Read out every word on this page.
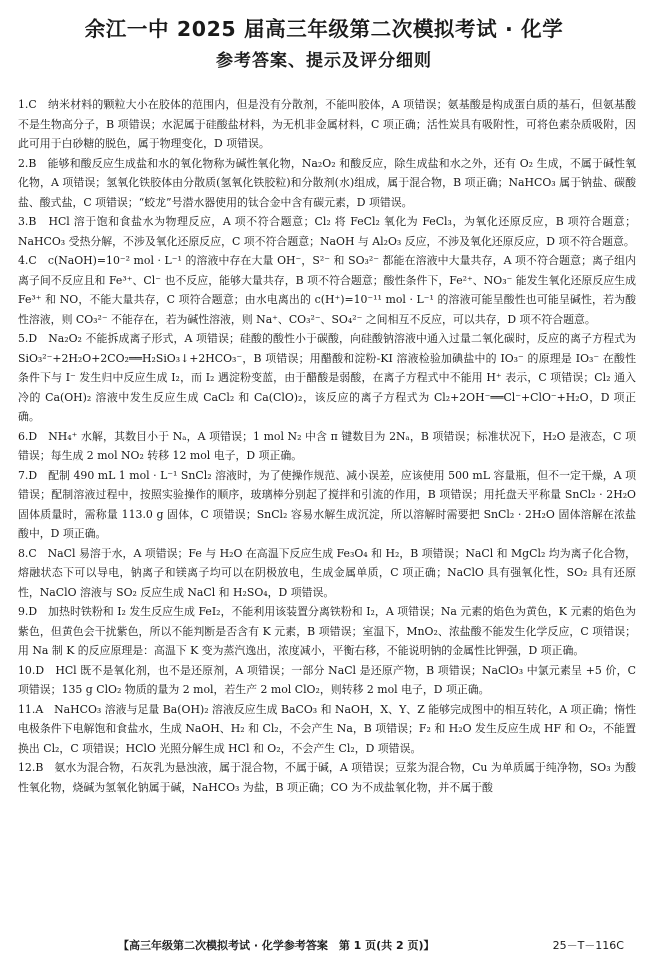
余江一中 2025 届高三年级第二次模拟考试 · 化学
参考答案、提示及评分细则
1.C　纳米材料的颗粒大小在胶体的范围内，但是没有分散剂，不能叫胶体，A 项错误；氨基酸是构成蛋白质的基石，但氨基酸不是生物高分子，B 项错误；水泥属于硅酸盐材料，为无机非金属材料，C 项正确；活性炭具有吸附性，可将色素杂质吸附，因此可用于白砂糖的脱色，属于物理变化，D 项错误。
2.B　能够和酸反应生成盐和水的氧化物称为碱性氧化物，Na₂O₂ 和酸反应，除生成盐和水之外，还有 O₂ 生成，不属于碱性氧化物，A 项错误；氢氧化铁胶体由分散质(氢氧化铁胶粒)和分散剂(水)组成，属于混合物，B 项正确；NaHCO₃ 属于钠盐、碳酸盐、酸式盐，C 项错误；“蛟龙”号潜水器使用的钛合金中含有碳元素，D 项错误。
3.B　HCl 溶于饱和食盐水为物理反应，A 项不符合题意；Cl₂ 将 FeCl₂ 氧化为 FeCl₃，为氧化还原反应，B 项符合题意；NaHCO₃ 受热分解，不涉及氧化还原反应，C 项不符合题意；NaOH 与 Al₂O₃ 反应，不涉及氧化还原反应，D 项不符合题意。
4.C　c(NaOH)=10⁻² mol · L⁻¹ 的溶液中存在大量 OH⁻，S²⁻ 和 SO₃²⁻ 都能在溶液中大量共存，A 项不符合题意；离子组内离子间不反应且和 Fe³⁺、Cl⁻ 也不反应，能够大量共存，B 项不符合题意；酸性条件下，Fe²⁺、NO₃⁻ 能发生氧化还原反应生成 Fe³⁺ 和 NO，不能大量共存，C 项符合题意；由水电离出的 c(H⁺)=10⁻¹¹ mol · L⁻¹ 的溶液可能呈酸性也可能呈碱性，若为酸性溶液，则 CO₃²⁻ 不能存在，若为碱性溶液，则 Na⁺、CO₃²⁻、SO₄²⁻ 之间相互不反应，可以共存，D 项不符合题意。
5.D　Na₂O₂ 不能拆成离子形式，A 项错误；硅酸的酸性小于碳酸，向硅酸钠溶液中通入过量二氧化碳时，反应的离子方程式为 SiO₃²⁻+2H₂O+2CO₂══H₂SiO₃↓+2HCO₃⁻，B 项错误；用醋酸和淀粉-KI 溶液检验加碘盐中的 IO₃⁻ 的原理是 IO₃⁻ 在酸性条件下与 I⁻ 发生归中反应生成 I₂，而 I₂ 遇淀粉变蓝，由于醋酸是弱酸，在离子方程式中不能用 H⁺ 表示，C 项错误；Cl₂ 通入冷的 Ca(OH)₂ 溶液中发生反应生成 CaCl₂ 和 Ca(ClO)₂，该反应的离子方程式为 Cl₂+2OH⁻══Cl⁻+ClO⁻+H₂O，D 项正确。
6.D　NH₄⁺ 水解，其数目小于 Nₐ，A 项错误；1 mol N₂ 中含 π 键数目为 2Nₐ，B 项错误；标准状况下，H₂O 是液态，C 项错误；每生成 2 mol NO₂ 转移 12 mol 电子，D 项正确。
7.D　配制 490 mL 1 mol · L⁻¹ SnCl₂ 溶液时，为了使操作规范、减小误差，应该使用 500 mL 容量瓶，但不一定干燥，A 项错误；配制溶液过程中，按照实验操作的顺序，玻璃棒分别起了搅拌和引流的作用，B 项错误；用托盘天平称量 SnCl₂ · 2H₂O 固体质量时，需称量 113.0 g 固体，C 项错误；SnCl₂ 容易水解生成沉淀，所以溶解时需要把 SnCl₂ · 2H₂O 固体溶解在浓盐酸中，D 项正确。
8.C　NaCl 易溶于水，A 项错误；Fe 与 H₂O 在高温下反应生成 Fe₃O₄ 和 H₂，B 项错误；NaCl 和 MgCl₂ 均为离子化合物，熔融状态下可以导电，钠离子和镁离子均可以在阴极放电，生成金属单质，C 项正确；NaClO 具有强氧化性，SO₂ 具有还原性，NaClO 溶液与 SO₂ 反应生成 NaCl 和 H₂SO₄，D 项错误。
9.D　加热时铁粉和 I₂ 发生反应生成 FeI₂，不能利用该装置分离铁粉和 I₂，A 项错误；Na 元素的焰色为黄色，K 元素的焰色为紫色，但黄色会干扰紫色，所以不能判断是否含有 K 元素，B 项错误；室温下，MnO₂、浓盐酸不能发生化学反应，C 项错误；用 Na 制 K 的反应原理是：高温下 K 变为蒸汽逸出，浓度减小，平衡右移，不能说明钠的金属性比钾强，D 项正确。
10.D　HCl 既不是氧化剂，也不是还原剂，A 项错误；一部分 NaCl 是还原产物，B 项错误；NaClO₃ 中氯元素呈 +5 价，C 项错误；135 g ClO₂ 物质的量为 2 mol，若生产 2 mol ClO₂，则转移 2 mol 电子，D 项正确。
11.A　NaHCO₃ 溶液与足量 Ba(OH)₂ 溶液反应生成 BaCO₃ 和 NaOH，X、Y、Z 能够完成图中的相互转化，A 项正确；惰性电极条件下电解饱和食盐水，生成 NaOH、H₂ 和 Cl₂，不会产生 Na，B 项错误；F₂ 和 H₂O 发生反应生成 HF 和 O₂，不能置换出 Cl₂，C 项错误；HClO 光照分解生成 HCl 和 O₂，不会产生 Cl₂，D 项错误。
12.B　氨水为混合物，石灰乳为悬浊液，属于混合物，不属于碱，A 项错误；豆浆为混合物，Cu 为单质属于纯净物，SO₃ 为酸性氧化物，烧碱为氢氧化钠属于碱，NaHCO₃ 为盐，B 项正确；CO 为不成盐氧化物，并不属于酸
【高三年级第二次模拟考试 · 化学参考答案　第 1 页(共 2 页)】	25－T－116C
